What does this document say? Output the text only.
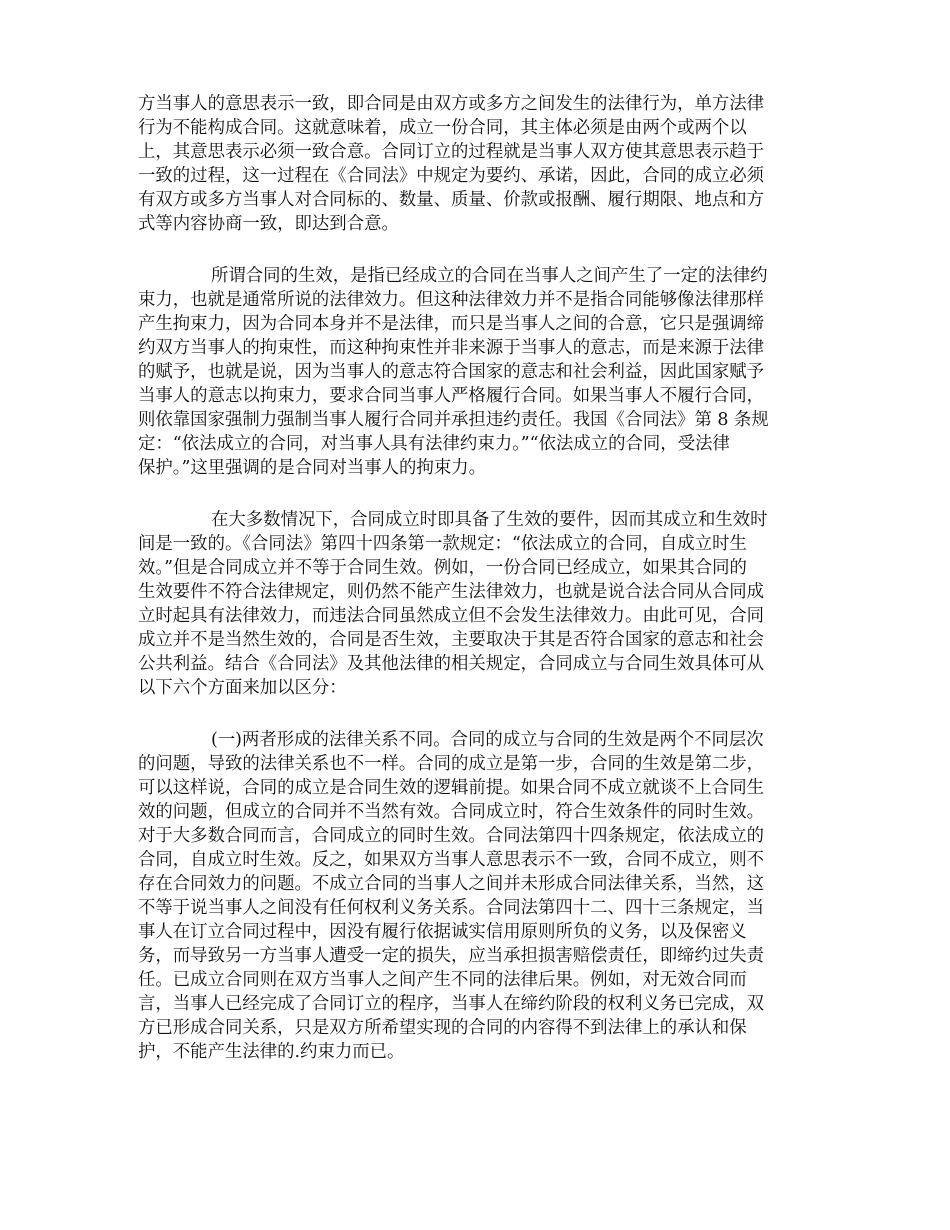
方当事人的意思表示一致，即合同是由双方或多方之间发生的法律行为，单方法律
行为不能构成合同。这就意味着，成立一份合同，其主体必须是由两个或两个以
上，其意思表示必须一致合意。合同订立的过程就是当事人双方使其意思表示趋于
一致的过程，这一过程在《合同法》中规定为要约、承诺，因此，合同的成立必须
有双方或多方当事人对合同标的、数量、质量、价款或报酬、履行期限、地点和方
式等内容协商一致，即达到合意。
所谓合同的生效，是指已经成立的合同在当事人之间产生了一定的法律约
束力，也就是通常所说的法律效力。但这种法律效力并不是指合同能够像法律那样
产生拘束力，因为合同本身并不是法律，而只是当事人之间的合意，它只是强调缔
约双方当事人的拘束性，而这种拘束性并非来源于当事人的意志，而是来源于法律
的赋予，也就是说，因为当事人的意志符合国家的意志和社会利益，因此国家赋予
当事人的意志以拘束力，要求合同当事人严格履行合同。如果当事人不履行合同，
则依靠国家强制力强制当事人履行合同并承担违约责任。我国《合同法》第 8 条规
定：“依法成立的合同，对当事人具有法律约束力。”“依法成立的合同，受法律
保护。”这里强调的是合同对当事人的拘束力。
在大多数情况下，合同成立时即具备了生效的要件，因而其成立和生效时
间是一致的。《合同法》第四十四条第一款规定：“依法成立的合同，自成立时生
效。”但是合同成立并不等于合同生效。例如，一份合同已经成立，如果其合同的
生效要件不符合法律规定，则仍然不能产生法律效力，也就是说合法合同从合同成
立时起具有法律效力，而违法合同虽然成立但不会发生法律效力。由此可见，合同
成立并不是当然生效的，合同是否生效，主要取决于其是否符合国家的意志和社会
公共利益。结合《合同法》及其他法律的相关规定，合同成立与合同生效具体可从
以下六个方面来加以区分：
(一)两者形成的法律关系不同。合同的成立与合同的生效是两个不同层次
的问题，导致的法律关系也不一样。合同的成立是第一步，合同的生效是第二步，
可以这样说，合同的成立是合同生效的逻辑前提。如果合同不成立就谈不上合同生
效的问题，但成立的合同并不当然有效。合同成立时，符合生效条件的同时生效。
对于大多数合同而言，合同成立的同时生效。合同法第四十四条规定，依法成立的
合同，自成立时生效。反之，如果双方当事人意思表示不一致，合同不成立，则不
存在合同效力的问题。不成立合同的当事人之间并未形成合同法律关系，当然，这
不等于说当事人之间没有任何权利义务关系。合同法第四十二、四十三条规定，当
事人在订立合同过程中，因没有履行依据诚实信用原则所负的义务，以及保密义
务，而导致另一方当事人遭受一定的损失，应当承担损害赔偿责任，即缔约过失责
任。已成立合同则在双方当事人之间产生不同的法律后果。例如，对无效合同而
言，当事人已经完成了合同订立的程序，当事人在缔约阶段的权利义务已完成，双
方已形成合同关系，只是双方所希望实现的合同的内容得不到法律上的承认和保
护，不能产生法律的.约束力而已。
